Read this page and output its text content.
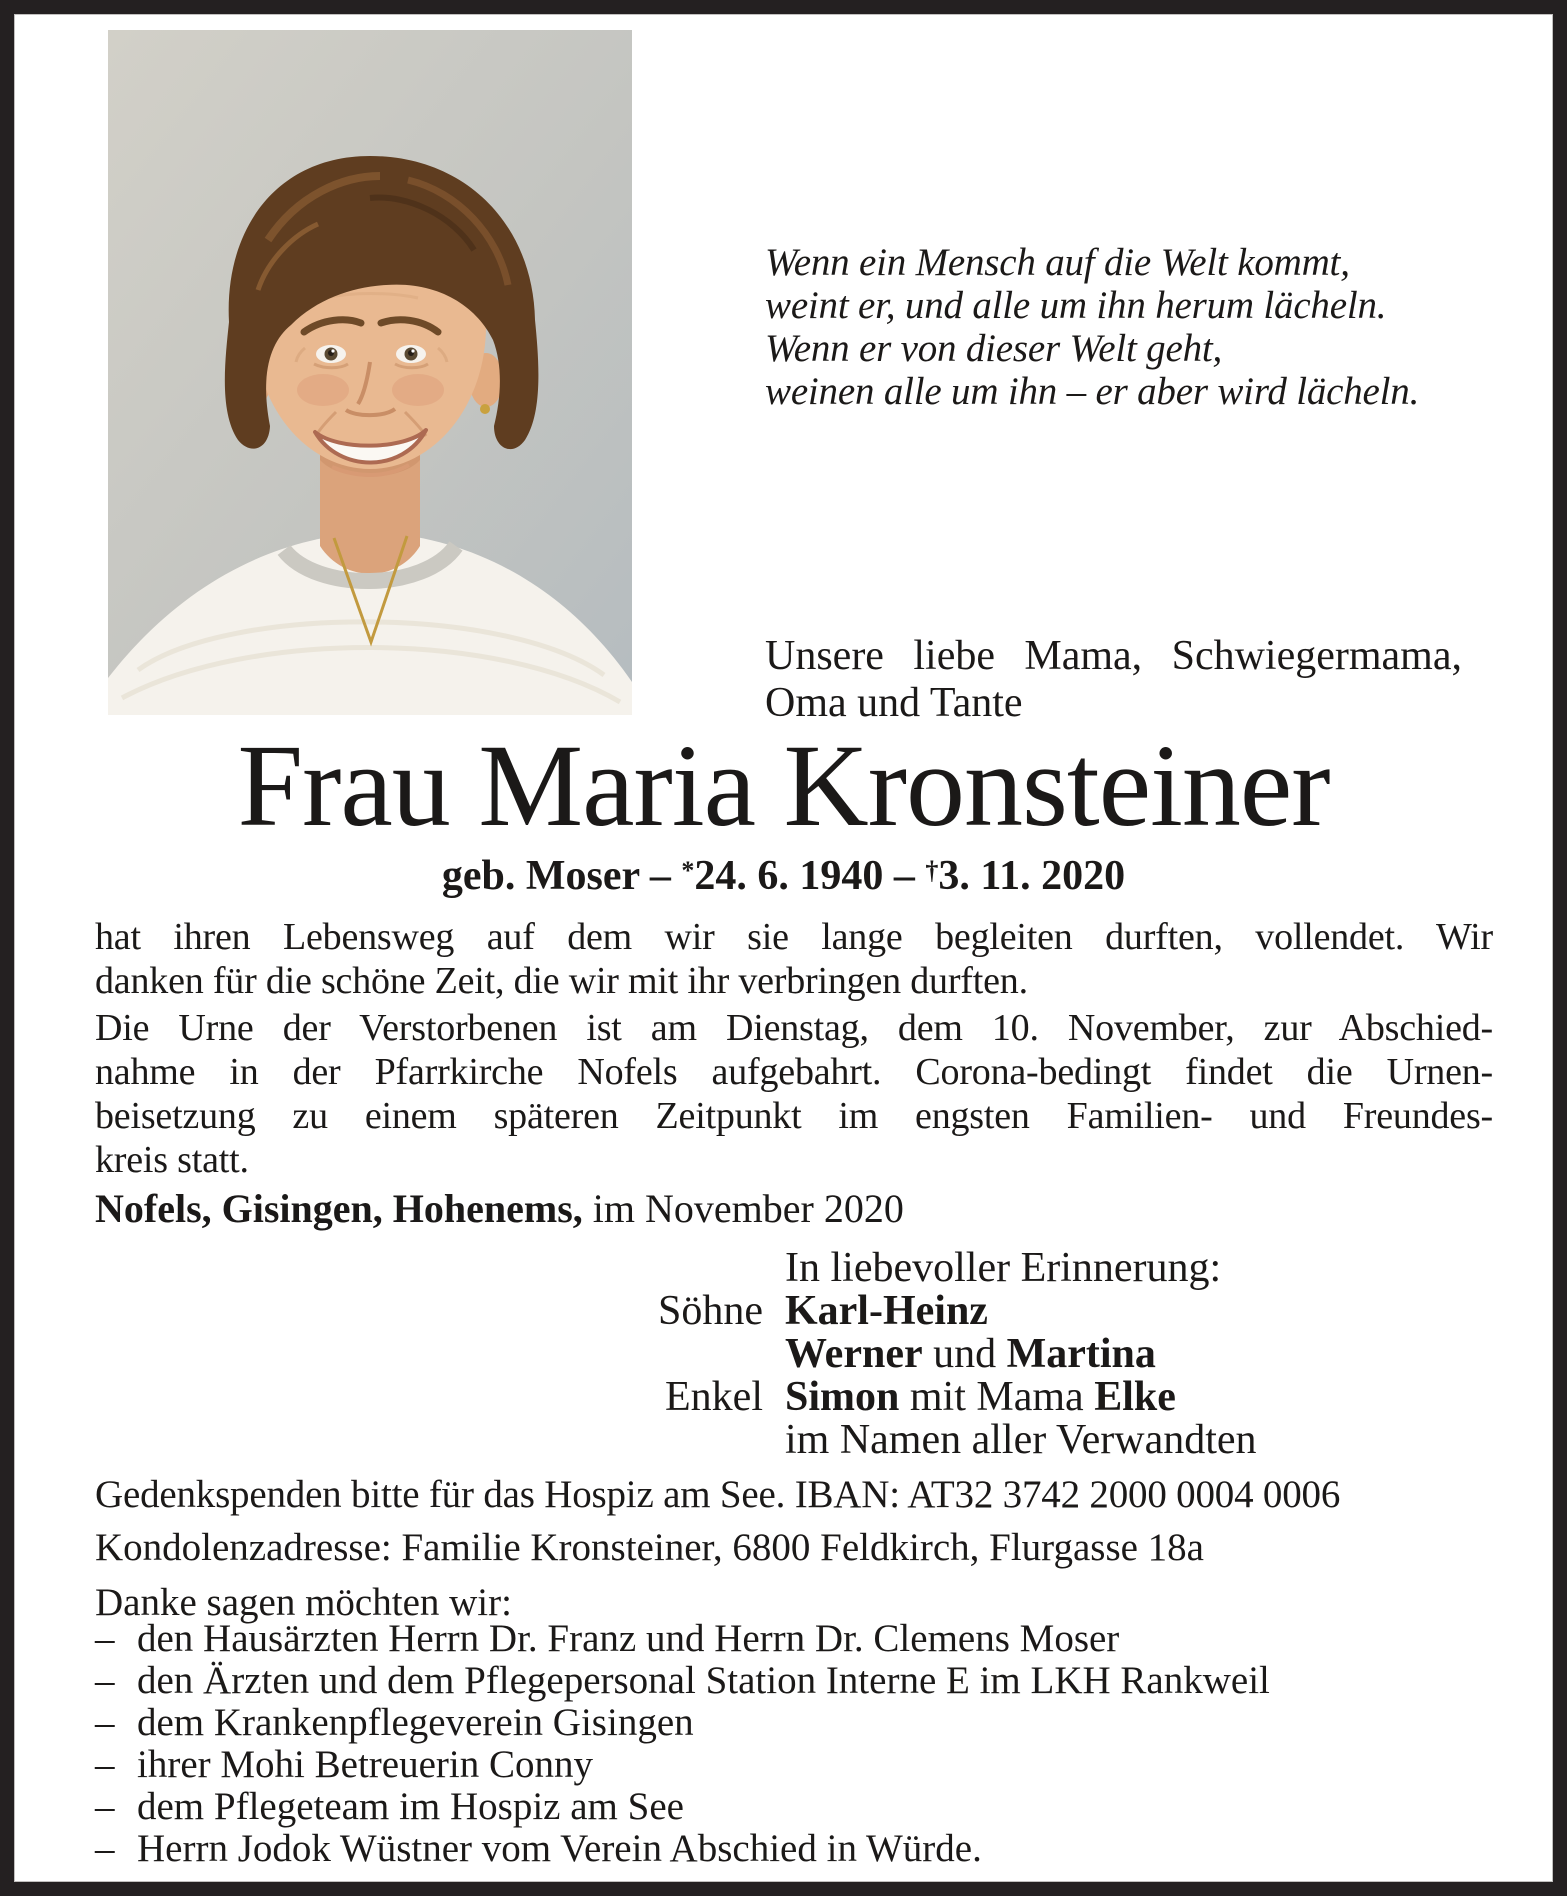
Wenn ein Mensch auf die Welt kommt,
weint er, und alle um ihn herum lächeln.
Wenn er von dieser Welt geht,
weinen alle um ihn – er aber wird lächeln.
Unsere liebe Mama, Schwiegermama,
Oma und Tante
Frau Maria Kronsteiner
geb. Moser – *24. 6. 1940 – †3. 11. 2020
hat ihren Lebensweg auf dem wir sie lange begleiten durften, vollendet. Wir
danken für die schöne Zeit, die wir mit ihr verbringen durften.
Die Urne der Verstorbenen ist am Dienstag, dem 10. November, zur Abschied-
nahme in der Pfarrkirche Nofels aufgebahrt. Corona-bedingt findet die Urnen-
beisetzung zu einem späteren Zeitpunkt im engsten Familien- und Freundes-
kreis statt.
Nofels, Gisingen, Hohenems, im November 2020
In liebevoller Erinnerung:
Söhne Karl-Heinz
Werner und Martina
Enkel Simon mit Mama Elke
im Namen aller Verwandten
Gedenkspenden bitte für das Hospiz am See. IBAN: AT32 3742 2000 0004 0006
Kondolenzadresse: Familie Kronsteiner, 6800 Feldkirch, Flurgasse 18a
Danke sagen möchten wir:
– den Hausärzten Herrn Dr. Franz und Herrn Dr. Clemens Moser
– den Ärzten und dem Pflegepersonal Station Interne E im LKH Rankweil
– dem Krankenpflegeverein Gisingen
– ihrer Mohi Betreuerin Conny
– dem Pflegeteam im Hospiz am See
– Herrn Jodok Wüstner vom Verein Abschied in Würde.
